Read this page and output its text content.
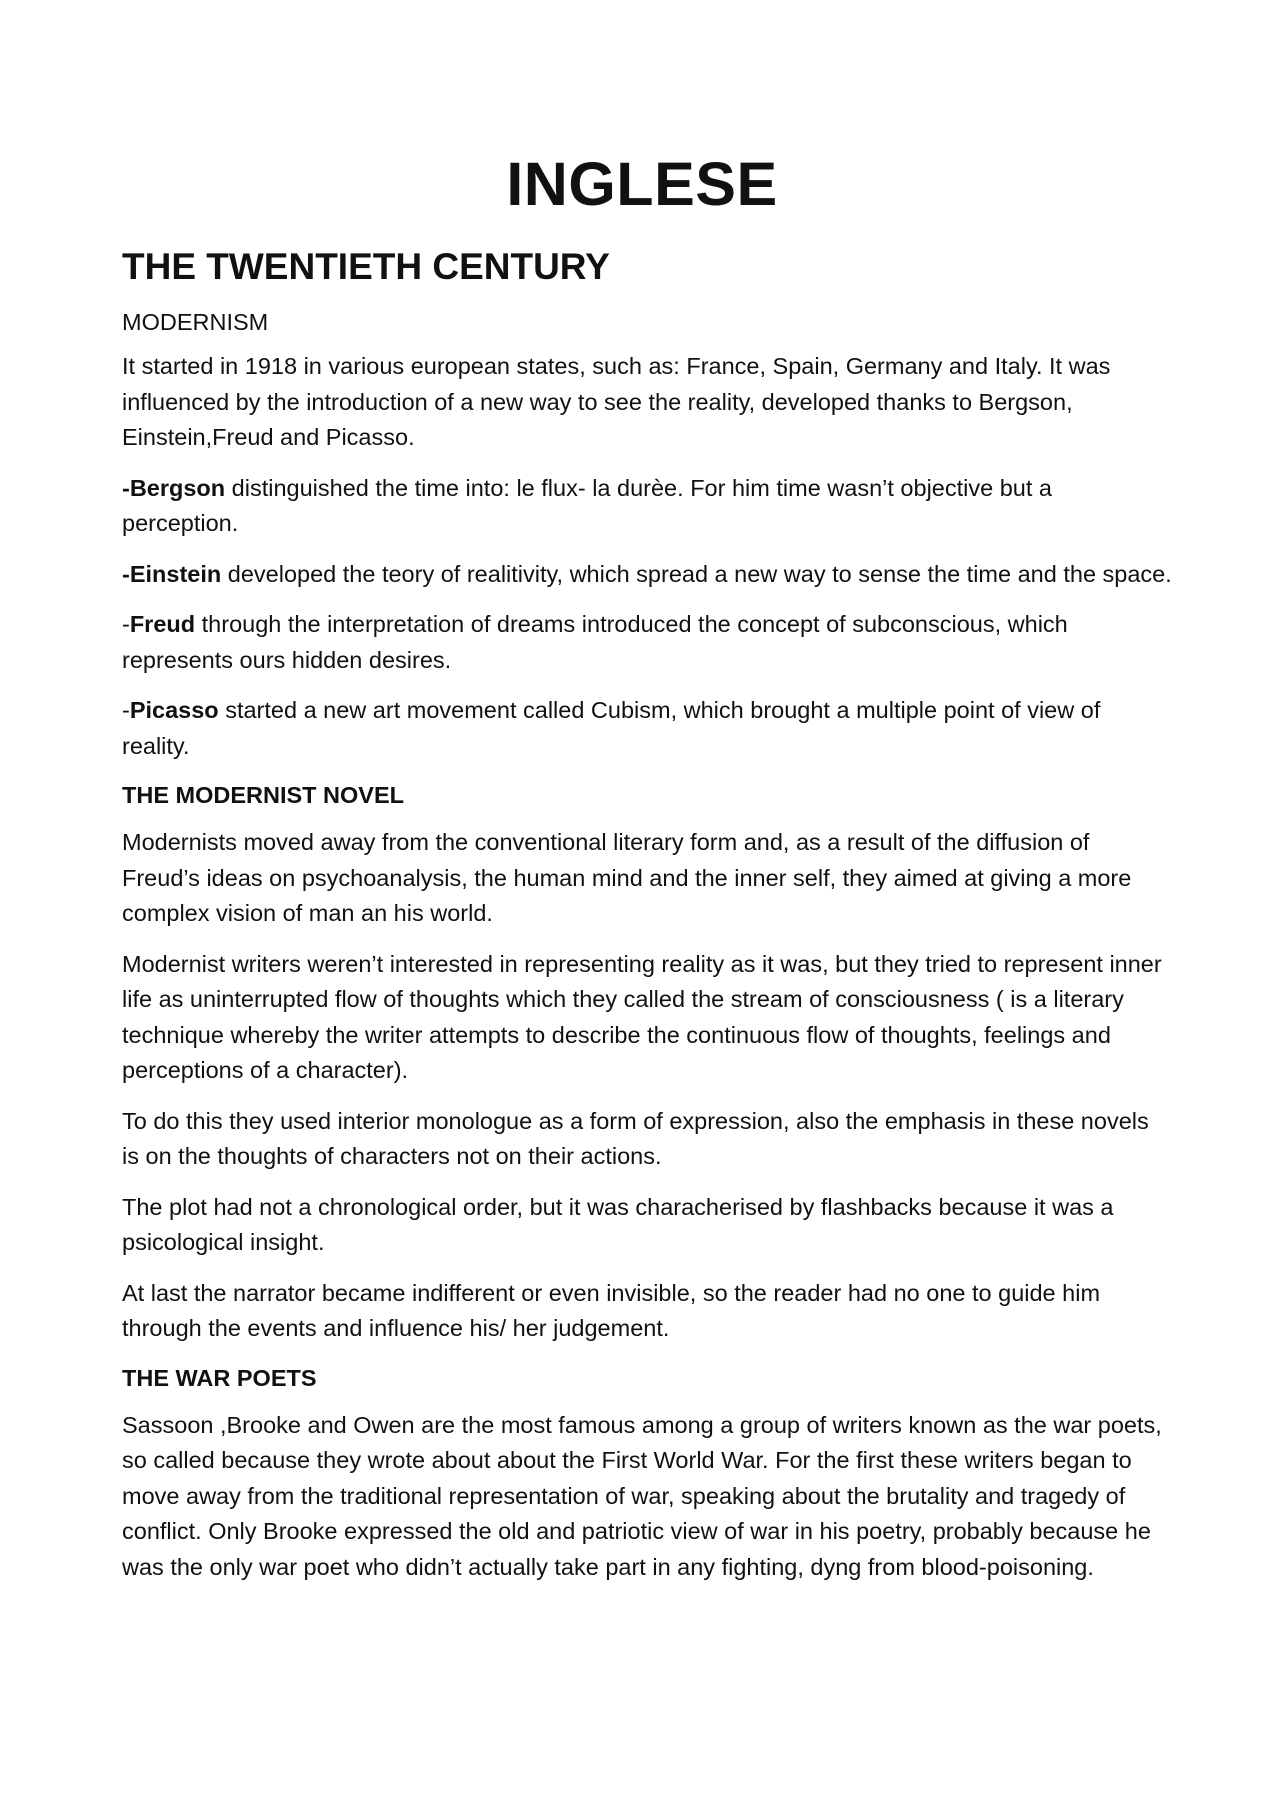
INGLESE
THE TWENTIETH CENTURY
MODERNISM

It started in 1918 in various european states, such as: France, Spain, Germany and Italy. It was influenced by the introduction of a new way to see the reality, developed thanks to Bergson, Einstein,Freud and Picasso.

-Bergson distinguished the time into: le flux- la durèe. For him time wasn’t objective but a perception.

-Einstein developed the teory of realitivity, which spread a new way to sense the time and the space.

-Freud through the interpretation of dreams introduced the concept of subconscious, which represents ours hidden desires.

-Picasso started a new art movement called Cubism, which brought a multiple point of view of reality.

THE MODERNIST NOVEL

Modernists moved away from the conventional literary form and, as a result of the diffusion of Freud’s ideas on psychoanalysis, the human mind and the inner self, they aimed at giving a more complex vision of man an his world.

Modernist writers weren’t interested in representing reality as it was, but they tried to represent inner life as uninterrupted flow of thoughts which they called the stream of consciousness ( is a literary technique whereby the writer attempts to describe the continuous flow of thoughts, feelings and perceptions of a character).

To do this they used interior monologue as a form of expression, also the emphasis in these novels is on the thoughts of characters not on their actions.

The plot had not a chronological order, but it was characherised by flashbacks because it was a psicological insight.

At last the narrator became indifferent or even invisible, so the reader had no one to guide him through the events and influence his/ her judgement.

THE WAR POETS

Sassoon ,Brooke and Owen are the most famous among a group of writers known as the war poets, so called because they wrote about about the First World War. For the first these writers began to move away from the traditional representation of war, speaking about the brutality and tragedy of conflict. Only Brooke expressed the old and patriotic view of war in his poetry, probably because he was the only war poet who didn’t actually take part in any fighting, dyng from blood-poisoning.
